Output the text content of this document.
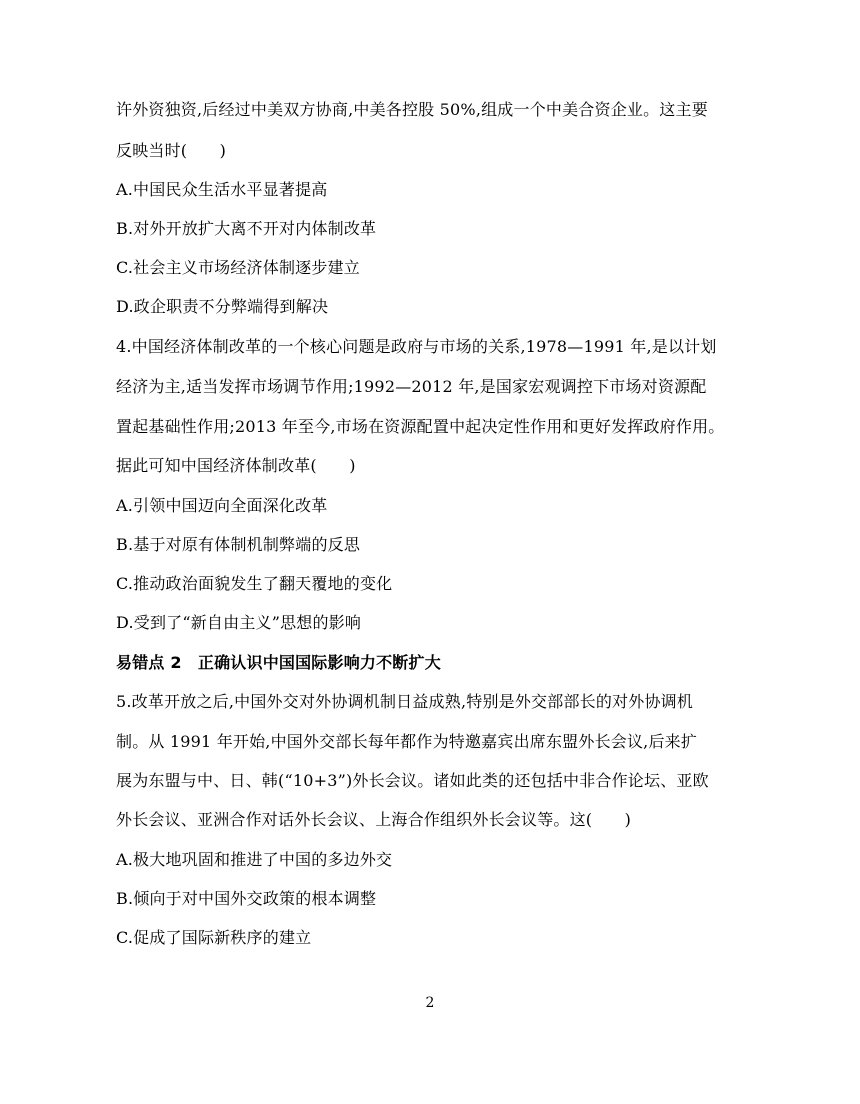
许外资独资,后经过中美双方协商,中美各控股 50%,组成一个中美合资企业。这主要
反映当时(　　)
A.中国民众生活水平显著提高
B.对外开放扩大离不开对内体制改革
C.社会主义市场经济体制逐步建立
D.政企职责不分弊端得到解决
4.中国经济体制改革的一个核心问题是政府与市场的关系,1978—1991 年,是以计划
经济为主,适当发挥市场调节作用;1992—2012 年,是国家宏观调控下市场对资源配
置起基础性作用;2013 年至今,市场在资源配置中起决定性作用和更好发挥政府作用。
据此可知中国经济体制改革(　　)
A.引领中国迈向全面深化改革
B.基于对原有体制机制弊端的反思
C.推动政治面貌发生了翻天覆地的变化
D.受到了“新自由主义”思想的影响
易错点 2　正确认识中国国际影响力不断扩大
5.改革开放之后,中国外交对外协调机制日益成熟,特别是外交部部长的对外协调机
制。从 1991 年开始,中国外交部长每年都作为特邀嘉宾出席东盟外长会议,后来扩
展为东盟与中、日、韩(“10+3”)外长会议。诸如此类的还包括中非合作论坛、亚欧
外长会议、亚洲合作对话外长会议、上海合作组织外长会议等。这(　　)
A.极大地巩固和推进了中国的多边外交
B.倾向于对中国外交政策的根本调整
C.促成了国际新秩序的建立
2
